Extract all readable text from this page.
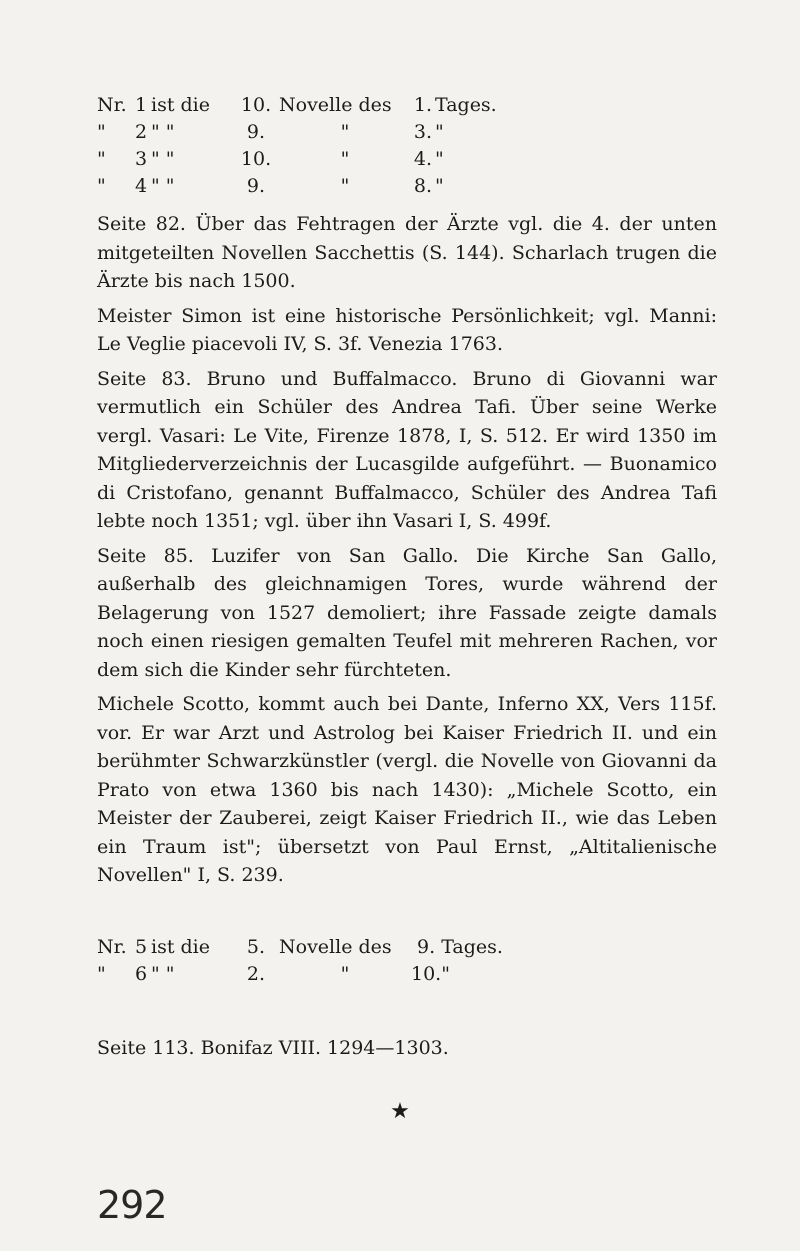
Nr.	1	ist die	10.	Novelle des	1.	Tages.
"	2	" "	9.	"	3.	"
"	3	" "	10.	"	4.	"
"	4	" "	9.	"	8.	"

Seite 82. Über das Fehtragen der Ärzte vgl. die 4. der unten mitgeteilten Novellen Sacchettis (S. 144). Scharlach trugen die Ärzte bis nach 1500.

Meister Simon ist eine historische Persönlichkeit; vgl. Manni: Le Veglie piacevoli IV, S. 3f. Venezia 1763.

Seite 83. Bruno und Buffalmacco. Bruno di Giovanni war vermutlich ein Schüler des Andrea Tafi. Über seine Werke vergl. Vasari: Le Vite, Firenze 1878, I, S. 512. Er wird 1350 im Mitgliederverzeichnis der Lucasgilde aufgeführt. — Buonamico di Cristofano, genannt Buffalmacco, Schüler des Andrea Tafi lebte noch 1351; vgl. über ihn Vasari I, S. 499f.

Seite 85. Luzifer von San Gallo. Die Kirche San Gallo, außerhalb des gleichnamigen Tores, wurde während der Belagerung von 1527 demoliert; ihre Fassade zeigte damals noch einen riesigen gemalten Teufel mit mehreren Rachen, vor dem sich die Kinder sehr fürchteten.

Michele Scotto, kommt auch bei Dante, Inferno XX, Vers 115f. vor. Er war Arzt und Astrolog bei Kaiser Friedrich II. und ein berühmter Schwarzkünstler (vergl. die Novelle von Giovanni da Prato von etwa 1360 bis nach 1430): „Michele Scotto, ein Meister der Zauberei, zeigt Kaiser Friedrich II., wie das Leben ein Traum ist"; übersetzt von Paul Ernst, „Altitalienische Novellen" I, S. 239.

Nr.	5	ist die	5.	Novelle des	9.	Tages.
"	6	" "	2.	"	10.	"

Seite 113. Bonifaz VIII. 1294—1303.

★
292
